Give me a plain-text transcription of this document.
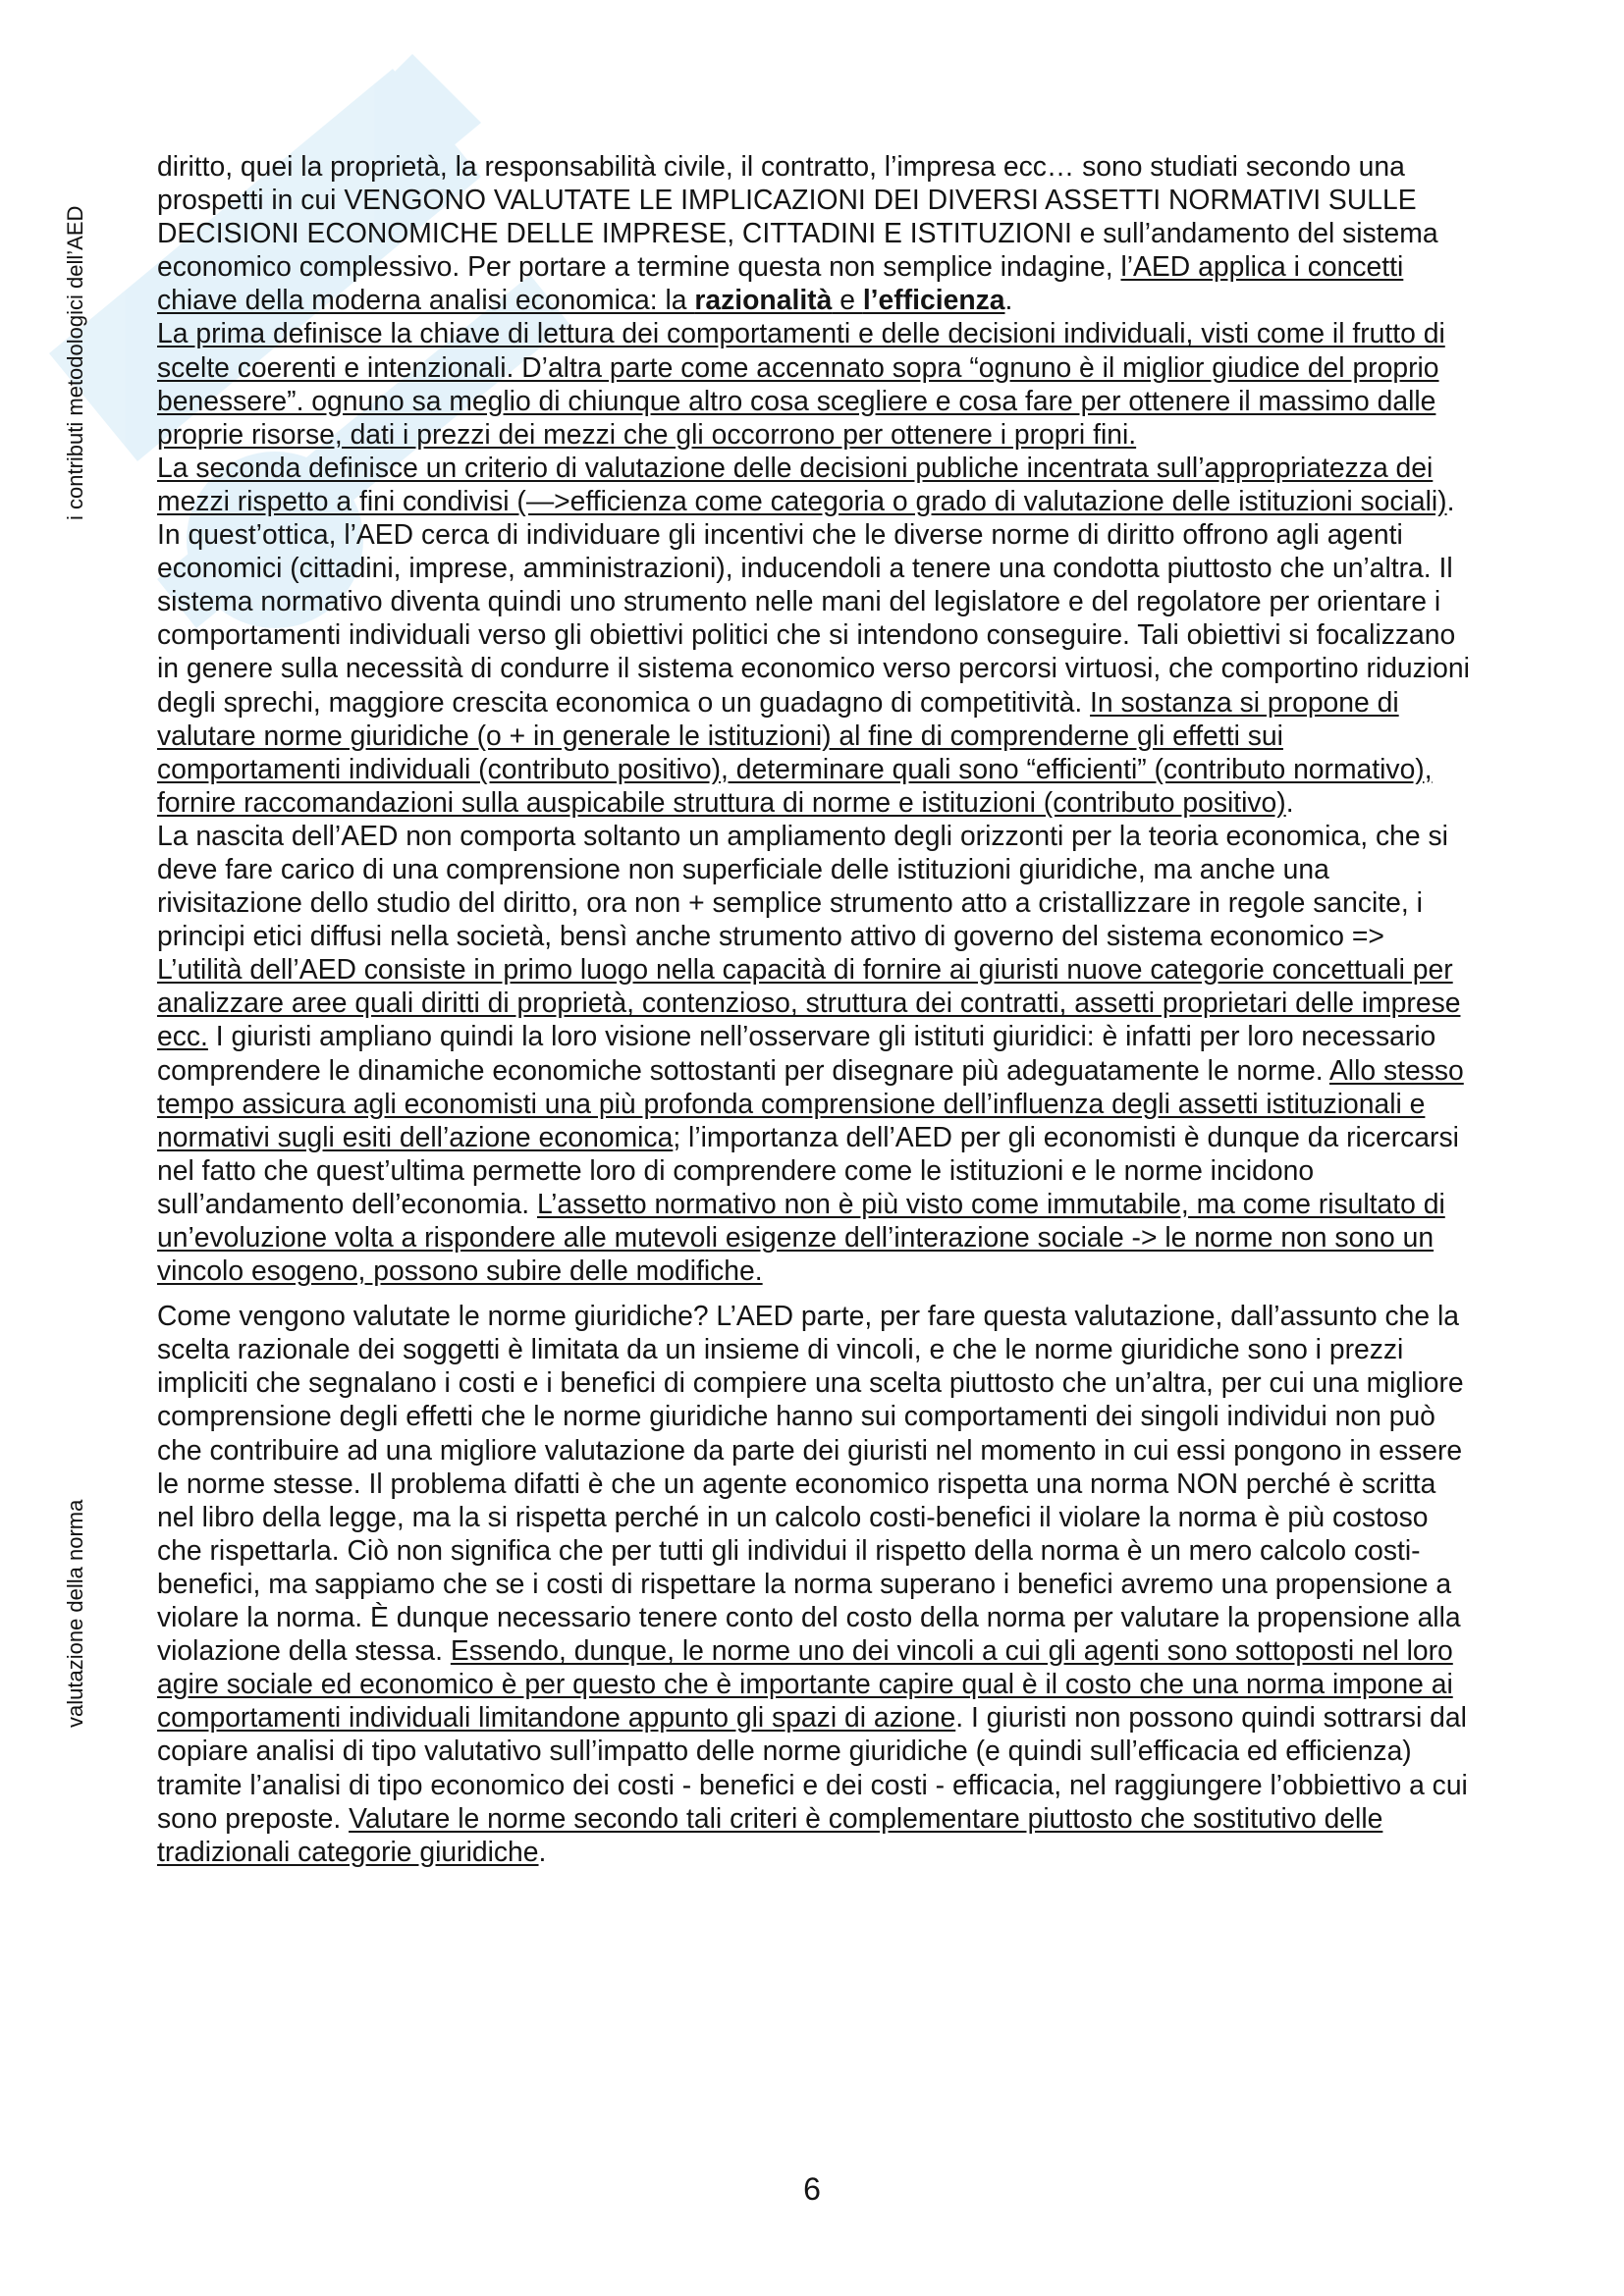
i contributi metodologici dell’AED
valutazione della norma

diritto, quei la proprietà, la responsabilità civile, il contratto, l’impresa ecc… sono studiati secondo una prospetti in cui VENGONO VALUTATE LE IMPLICAZIONI DEI DIVERSI ASSETTI NORMATIVI SULLE DECISIONI ECONOMICHE DELLE IMPRESE, CITTADINI E ISTITUZIONI e sull’andamento del sistema economico complessivo. Per portare a termine questa non semplice indagine, l’AED applica i concetti chiave della moderna analisi economica: la razionalità e l’efficienza.

La prima definisce la chiave di lettura dei comportamenti e delle decisioni individuali, visti come il frutto di scelte coerenti e intenzionali. D’altra parte come accennato sopra “ognuno è il miglior giudice del proprio benessere”. ognuno sa meglio di chiunque altro cosa scegliere e cosa fare per ottenere il massimo dalle proprie risorse, dati i prezzi dei mezzi che gli occorrono per ottenere i propri fini.

La seconda definisce un criterio di valutazione delle decisioni publiche incentrata sull’appropriatezza dei mezzi rispetto a fini condivisi (—>efficienza come categoria o grado di valutazione delle istituzioni sociali).

In quest’ottica, l’AED cerca di individuare gli incentivi che le diverse norme di diritto offrono agli agenti economici (cittadini, imprese, amministrazioni), inducendoli a tenere una condotta piuttosto che un’altra. Il sistema normativo diventa quindi uno strumento nelle mani del legislatore e del regolatore per orientare i comportamenti individuali verso gli obiettivi politici che si intendono conseguire. Tali obiettivi si focalizzano in genere sulla necessità di condurre il sistema economico verso percorsi virtuosi, che comportino riduzioni degli sprechi, maggiore crescita economica o un guadagno di competitività. In sostanza si propone di valutare norme giuridiche (o + in generale le istituzioni) al fine di comprenderne gli effetti sui comportamenti individuali (contributo positivo), determinare quali sono “efficienti” (contributo normativo), fornire raccomandazioni sulla auspicabile struttura di norme e istituzioni (contributo positivo).

La nascita dell’AED non comporta soltanto un ampliamento degli orizzonti per la teoria economica, che si deve fare carico di una comprensione non superficiale delle istituzioni giuridiche, ma anche una rivisitazione dello studio del diritto, ora non + semplice strumento atto a cristallizzare in regole sancite, i principi etici diffusi nella società, bensì anche strumento attivo di governo del sistema economico => L’utilità dell’AED consiste in primo luogo nella capacità di fornire ai giuristi nuove categorie concettuali per analizzare aree quali diritti di proprietà, contenzioso, struttura dei contratti, assetti proprietari delle imprese ecc. I giuristi ampliano quindi la loro visione nell’osservare gli istituti giuridici: è infatti per loro necessario comprendere le dinamiche economiche sottostanti per disegnare più adeguatamente le norme. Allo stesso tempo assicura agli economisti una più profonda comprensione dell’influenza degli assetti istituzionali e normativi sugli esiti dell’azione economica; l’importanza dell’AED per gli economisti è dunque da ricercarsi nel fatto che quest’ultima permette loro di comprendere come le istituzioni e le norme incidono sull’andamento dell’economia. L’assetto normativo non è più visto come immutabile, ma come risultato di un’evoluzione volta a rispondere alle mutevoli esigenze dell’interazione sociale -> le norme non sono un vincolo esogeno, possono subire delle modifiche.

Come vengono valutate le norme giuridiche? L’AED parte, per fare questa valutazione, dall’assunto che la scelta razionale dei soggetti è limitata da un insieme di vincoli, e che le norme giuridiche sono i prezzi impliciti che segnalano i costi e i benefici di compiere una scelta piuttosto che un’altra, per cui una migliore comprensione degli effetti che le norme giuridiche hanno sui comportamenti dei singoli individui non può che contribuire ad una migliore valutazione da parte dei giuristi nel momento in cui essi pongono in essere le norme stesse. Il problema difatti è che un agente economico rispetta una norma NON perché è scritta nel libro della legge, ma la si rispetta perché in un calcolo costi-benefici il violare la norma è più costoso che rispettarla. Ciò non significa che per tutti gli individui il rispetto della norma è un mero calcolo costi-benefici, ma sappiamo che se i costi di rispettare la norma superano i benefici avremo una propensione a violare la norma. È dunque necessario tenere conto del costo della norma per valutare la propensione alla violazione della stessa. Essendo, dunque, le norme uno dei vincoli a cui gli agenti sono sottoposti nel loro agire sociale ed economico è per questo che è importante capire qual è il costo che una norma impone ai comportamenti individuali limitandone appunto gli spazi di azione. I giuristi non possono quindi sottrarsi dal copiare analisi di tipo valutativo sull’impatto delle norme giuridiche (e quindi sull’efficacia ed efficienza) tramite l’analisi di tipo economico dei costi - benefici e dei costi - efficacia, nel raggiungere l’obbiettivo a cui sono preposte. Valutare le norme secondo tali criteri è complementare piuttosto che sostitutivo delle tradizionali categorie giuridiche.

6
